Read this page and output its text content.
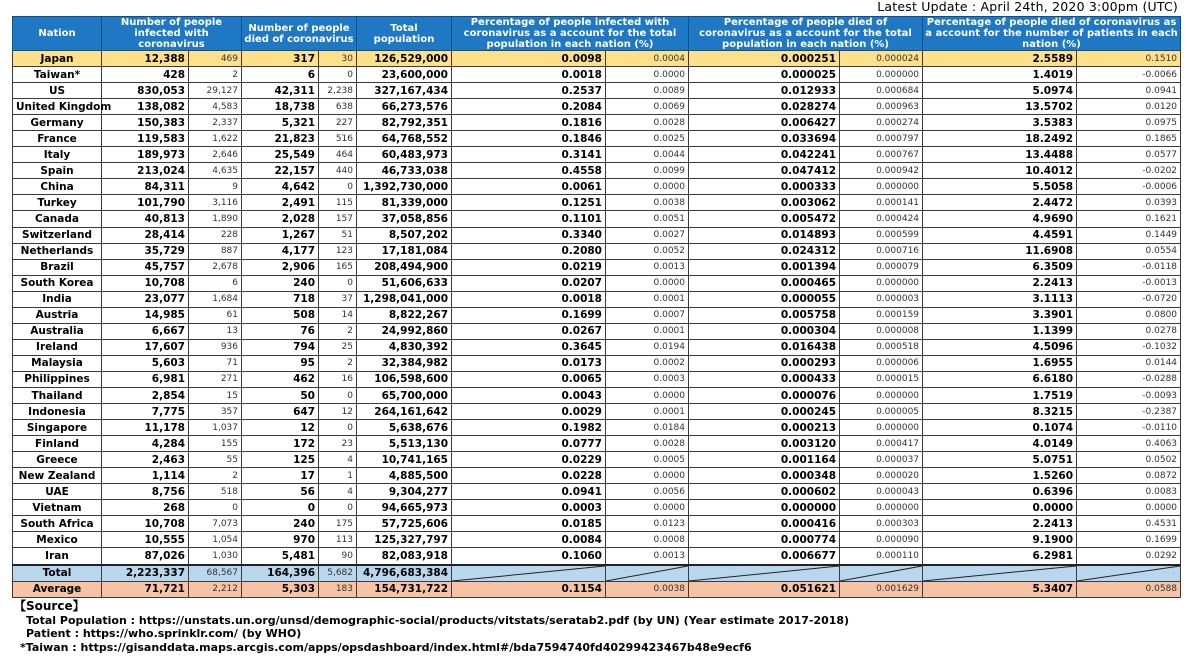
Latest Update : April 24th, 2020 3:00pm (UTC)
Nation	Number of people infected with coronavirus		Number of people died of coronavirus		Total population	Percentage of people infected with coronavirus as a account for the total population in each nation (%)		Percentage of people died of coronavirus as a account for the total population in each nation (%)		Percentage of people died of coronavirus as a account for the number of patients in each nation (%)	
Japan	12,388	469	317	30	126,529,000	0.0098	0.0004	0.000251	0.000024	2.5589	0.1510
Taiwan*	428	2	6	0	23,600,000	0.0018	0.0000	0.000025	0.000000	1.4019	-0.0066
US	830,053	29,127	42,311	2,238	327,167,434	0.2537	0.0089	0.012933	0.000684	5.0974	0.0941
United Kingdom	138,082	4,583	18,738	638	66,273,576	0.2084	0.0069	0.028274	0.000963	13.5702	0.0120
Germany	150,383	2,337	5,321	227	82,792,351	0.1816	0.0028	0.006427	0.000274	3.5383	0.0975
France	119,583	1,622	21,823	516	64,768,552	0.1846	0.0025	0.033694	0.000797	18.2492	0.1865
Italy	189,973	2,646	25,549	464	60,483,973	0.3141	0.0044	0.042241	0.000767	13.4488	0.0577
Spain	213,024	4,635	22,157	440	46,733,038	0.4558	0.0099	0.047412	0.000942	10.4012	-0.0202
China	84,311	9	4,642	0	1,392,730,000	0.0061	0.0000	0.000333	0.000000	5.5058	-0.0006
Turkey	101,790	3,116	2,491	115	81,339,000	0.1251	0.0038	0.003062	0.000141	2.4472	0.0393
Canada	40,813	1,890	2,028	157	37,058,856	0.1101	0.0051	0.005472	0.000424	4.9690	0.1621
Switzerland	28,414	228	1,267	51	8,507,202	0.3340	0.0027	0.014893	0.000599	4.4591	0.1449
Netherlands	35,729	887	4,177	123	17,181,084	0.2080	0.0052	0.024312	0.000716	11.6908	0.0554
Brazil	45,757	2,678	2,906	165	208,494,900	0.0219	0.0013	0.001394	0.000079	6.3509	-0.0118
South Korea	10,708	6	240	0	51,606,633	0.0207	0.0000	0.000465	0.000000	2.2413	-0.0013
India	23,077	1,684	718	37	1,298,041,000	0.0018	0.0001	0.000055	0.000003	3.1113	-0.0720
Austria	14,985	61	508	14	8,822,267	0.1699	0.0007	0.005758	0.000159	3.3901	0.0800
Australia	6,667	13	76	2	24,992,860	0.0267	0.0001	0.000304	0.000008	1.1399	0.0278
Ireland	17,607	936	794	25	4,830,392	0.3645	0.0194	0.016438	0.000518	4.5096	-0.1032
Malaysia	5,603	71	95	2	32,384,982	0.0173	0.0002	0.000293	0.000006	1.6955	0.0144
Philippines	6,981	271	462	16	106,598,600	0.0065	0.0003	0.000433	0.000015	6.6180	-0.0288
Thailand	2,854	15	50	0	65,700,000	0.0043	0.0000	0.000076	0.000000	1.7519	-0.0093
Indonesia	7,775	357	647	12	264,161,642	0.0029	0.0001	0.000245	0.000005	8.3215	-0.2387
Singapore	11,178	1,037	12	0	5,638,676	0.1982	0.0184	0.000213	0.000000	0.1074	-0.0110
Finland	4,284	155	172	23	5,513,130	0.0777	0.0028	0.003120	0.000417	4.0149	0.4063
Greece	2,463	55	125	4	10,741,165	0.0229	0.0005	0.001164	0.000037	5.0751	0.0502
New Zealand	1,114	2	17	1	4,885,500	0.0228	0.0000	0.000348	0.000020	1.5260	0.0872
UAE	8,756	518	56	4	9,304,277	0.0941	0.0056	0.000602	0.000043	0.6396	0.0083
Vietnam	268	0	0	0	94,665,973	0.0003	0.0000	0.000000	0.000000	0.0000	0.0000
South Africa	10,708	7,073	240	175	57,725,606	0.0185	0.0123	0.000416	0.000303	2.2413	0.4531
Mexico	10,555	1,054	970	113	125,327,797	0.0084	0.0008	0.000774	0.000090	9.1900	0.1699
Iran	87,026	1,030	5,481	90	82,083,918	0.1060	0.0013	0.006677	0.000110	6.2981	0.0292
Total	2,223,337	68,567	164,396	5,682	4,796,683,384	

Average	71,721	2,212	5,303	183	154,731,722	0.1154	0.0038	0.051621	0.001629	5.3407	0.0588
【Source】
Total Population : https://unstats.un.org/unsd/demographic-social/products/vitstats/seratab2.pdf (by UN) (Year estimate 2017-2018)
Patient : https://who.sprinklr.com/ (by WHO)
*Taiwan : https://gisanddata.maps.arcgis.com/apps/opsdashboard/index.html#/bda7594740fd40299423467b48e9ecf6
